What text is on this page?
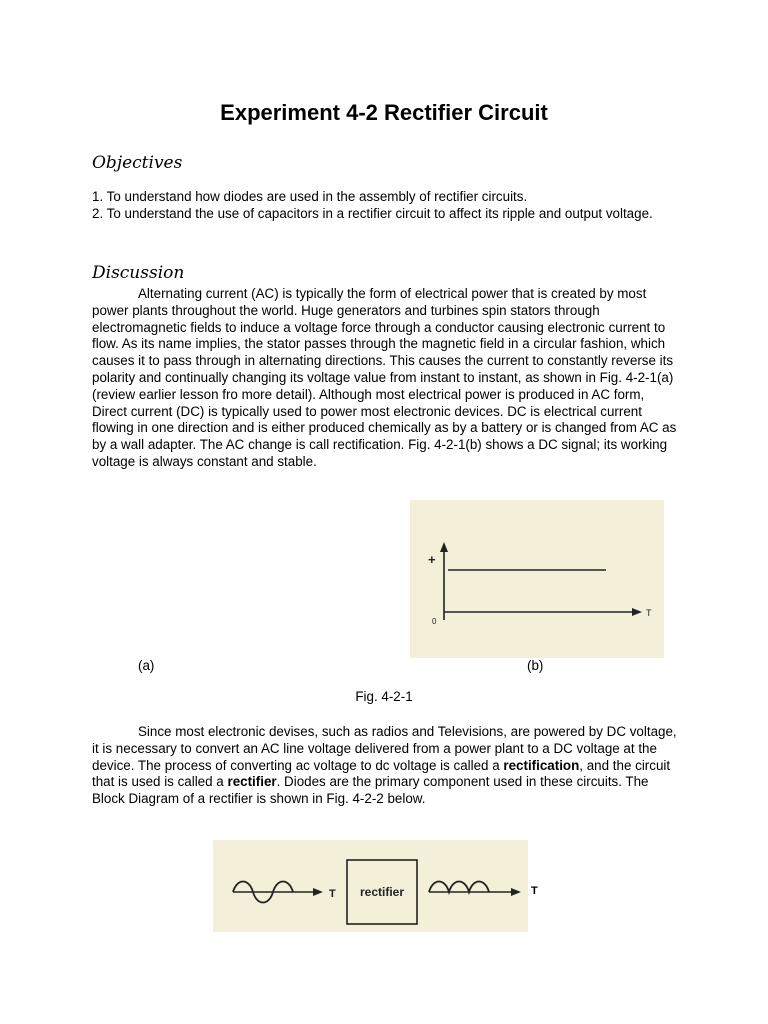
Experiment 4-2 Rectifier Circuit
Objectives
1. To understand how diodes are used in the assembly of rectifier circuits.
2. To understand the use of capacitors in a rectifier circuit to affect its ripple and output voltage.
Discussion

Alternating current (AC) is typically the form of electrical power that is created by most power plants throughout the world. Huge generators and turbines spin stators through electromagnetic fields to induce a voltage force through a conductor causing electronic current to flow. As its name implies, the stator passes through the magnetic field in a circular fashion, which causes it to pass through in alternating directions. This causes the current to constantly reverse its polarity and continually changing its voltage value from instant to instant, as shown in Fig. 4-2-1(a) (review earlier lesson fro more detail). Although most electrical power is produced in AC form, Direct current (DC) is typically used to power most electronic devices. DC is electrical current flowing in one direction and is either produced chemically as by a battery or is changed from AC as by a wall adapter. The AC change is call rectification. Fig. 4-2-1(b) shows a DC signal; its working voltage is always constant and stable.

+
0
T
(a)	(b)
Fig. 4-2-1

Since most electronic devises, such as radios and Televisions, are powered by DC voltage, it is necessary to convert an AC line voltage delivered from a power plant to a DC voltage at the device. The process of converting ac voltage to dc voltage is called a rectification, and the circuit that is used is called a rectifier. Diodes are the primary component used in these circuits. The Block Diagram of a rectifier is shown in Fig. 4-2-2 below.

T rectifier	T
